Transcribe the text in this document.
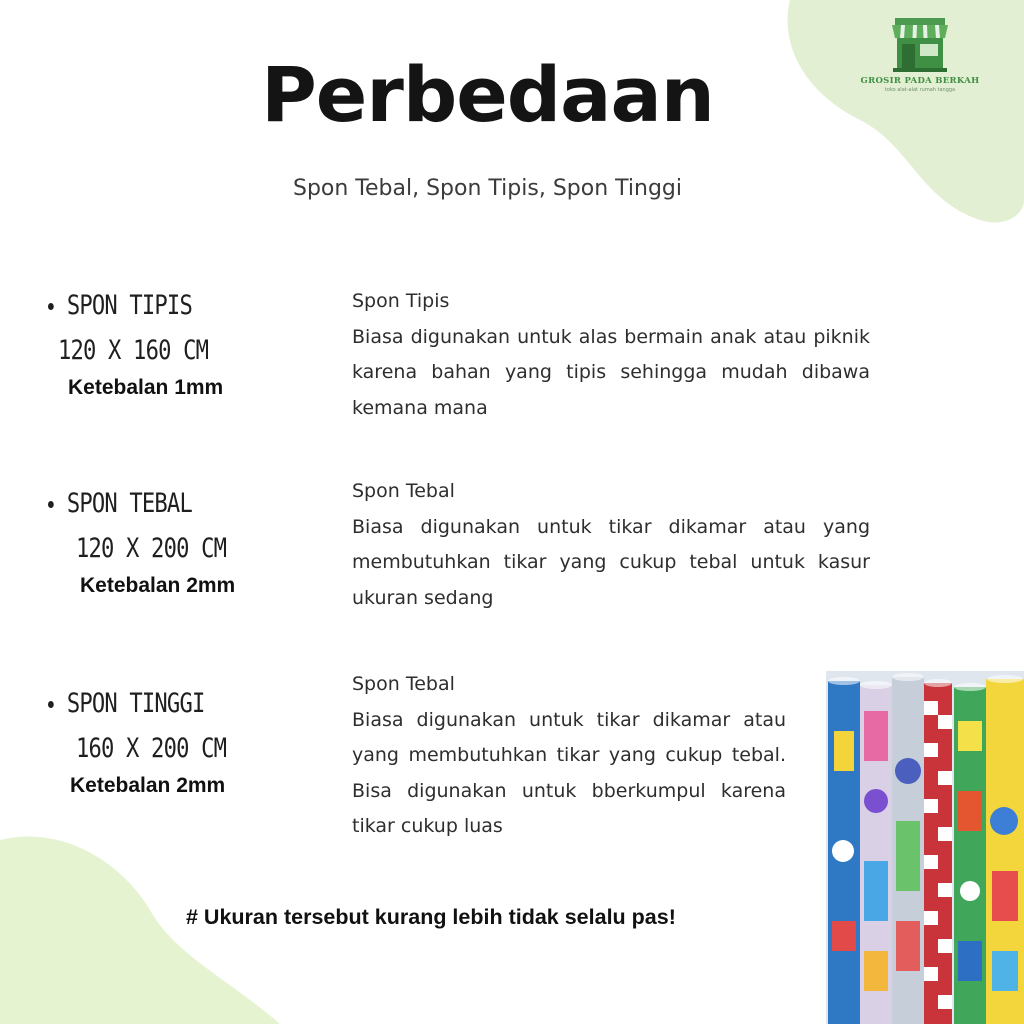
GROSIR PADA BERKAH
toko alat-alat rumah tangga
Perbedaan
Spon Tebal, Spon Tipis, Spon Tinggi
SPON TIPIS
120 X 160 CM
Ketebalan 1mm
Spon Tipis
Biasa digunakan untuk alas bermain anak atau piknik karena bahan yang tipis sehingga mudah dibawa kemana mana
SPON TEBAL
120 X 200 CM
Ketebalan 2mm
Spon Tebal
Biasa digunakan untuk tikar dikamar atau yang membutuhkan tikar yang cukup tebal untuk kasur ukuran sedang
SPON TINGGI
160 X 200 CM
Ketebalan 2mm
Spon Tebal
Biasa digunakan untuk tikar dikamar atau yang membutuhkan tikar yang cukup tebal. Bisa digunakan untuk bberkumpul karena tikar cukup luas
# Ukuran tersebut kurang lebih tidak selalu pas!
